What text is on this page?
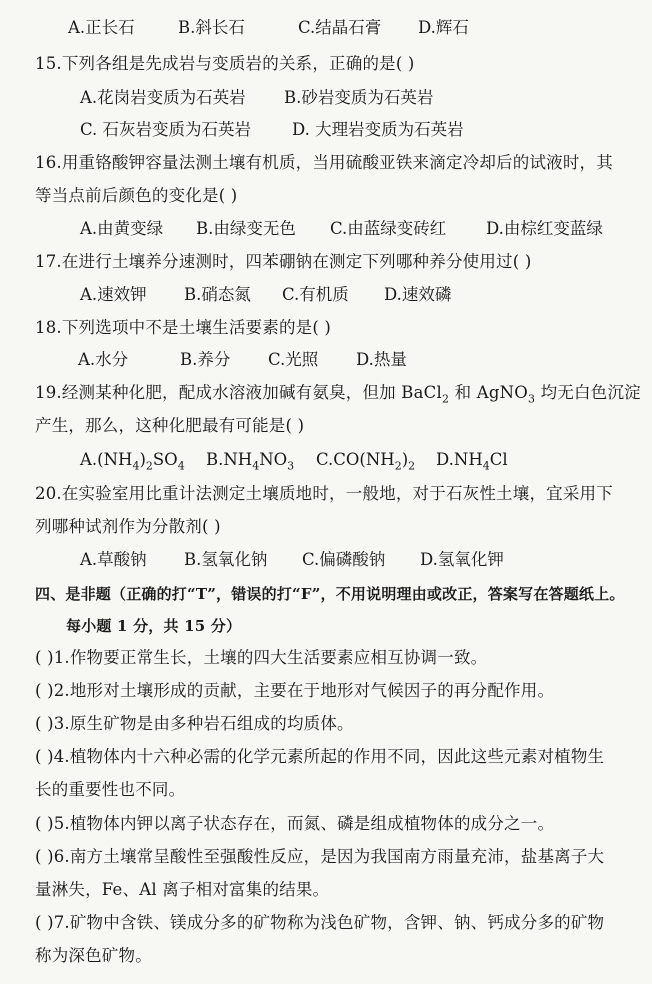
A.正长石	B.斜长石	C.结晶石膏 D.辉石
15.下列各组是先成岩与变质岩的关系，正确的是( )
A.花岗岩变质为石英岩 B.砂岩变质为石英岩
C. 石灰岩变质为石英岩 D. 大理岩变质为石英岩
16.用重铬酸钾容量法测土壤有机质，当用硫酸亚铁来滴定冷却后的试液时，其
等当点前后颜色的变化是( )
A.由黄变绿 B.由绿变无色 C.由蓝绿变砖红 D.由棕红变蓝绿
17.在进行土壤养分速测时，四苯硼钠在测定下列哪种养分使用过( )
A.速效钾 B.硝态氮 C.有机质 D.速效磷
18.下列选项中不是土壤生活要素的是( )
A.水分	B.养分 C.光照 D.热量
19.经测某种化肥，配成水溶液加碱有氨臭，但加 BaCl$_2$ 和 AgNO$_3$ 均无白色沉淀
产生，那么，这种化肥最有可能是( )
$A.(NH_4)_2SO_4$ $B.NH_4NO_3$ $C.CO(NH_2)_2$ $D.NH_4Cl$
20.在实验室用比重计法测定土壤质地时，一般地，对于石灰性土壤，宜采用下
列哪种试剂作为分散剂( )
A.草酸钠 B.氢氧化钠 C.偏磷酸钠 D.氢氧化钾
四、是非题（正确的打“T”，错误的打“F”，不用说明理由或改正，答案写在答题纸上。
每小题 1 分，共 15 分）
( )1.作物要正常生长，土壤的四大生活要素应相互协调一致。
( )2.地形对土壤形成的贡献，主要在于地形对气候因子的再分配作用。
( )3.原生矿物是由多种岩石组成的均质体。
( )4.植物体内十六种必需的化学元素所起的作用不同，因此这些元素对植物生
长的重要性也不同。
( )5.植物体内钾以离子状态存在，而氮、磷是组成植物体的成分之一。
( )6.南方土壤常呈酸性至强酸性反应，是因为我国南方雨量充沛，盐基离子大
量淋失，Fe、Al 离子相对富集的结果。
( )7.矿物中含铁、镁成分多的矿物称为浅色矿物，含钾、钠、钙成分多的矿物
称为深色矿物。
